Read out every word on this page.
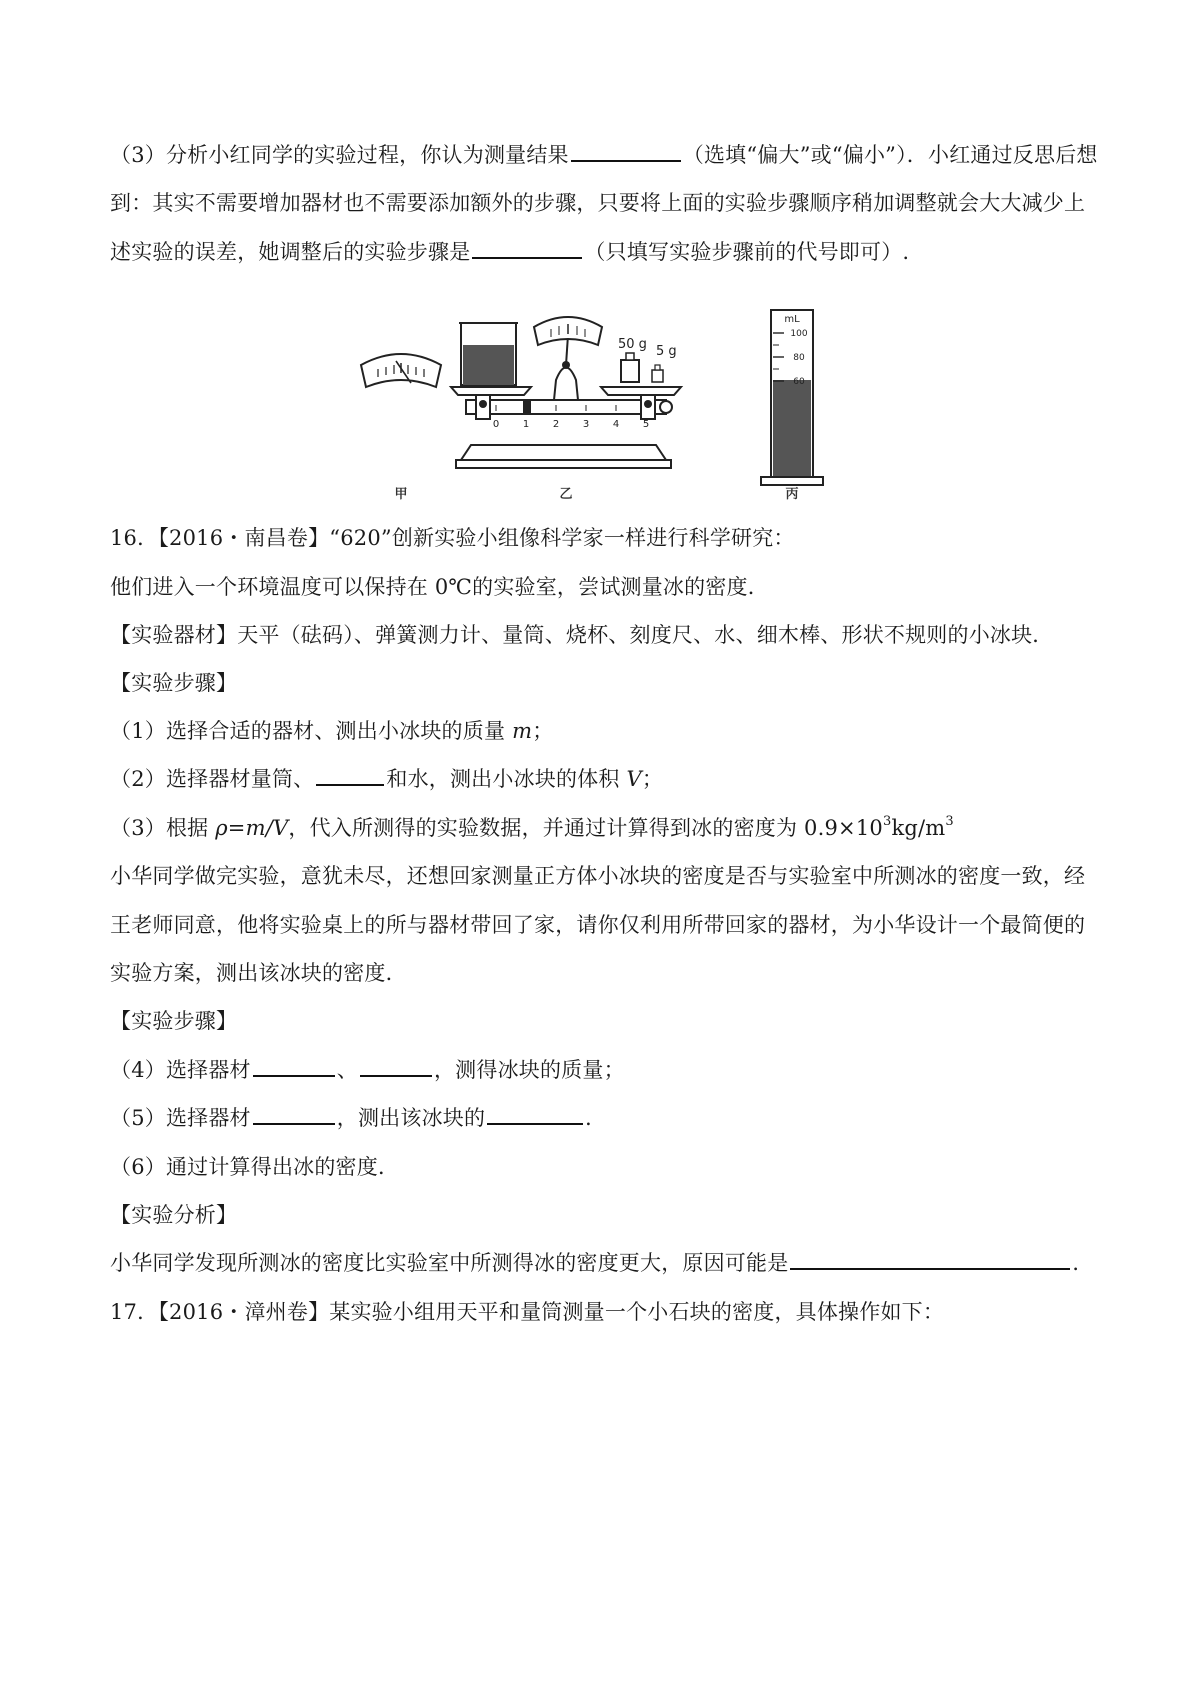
（3）分析小红同学的实验过程，你认为测量结果	（选填“偏大”或“偏小”）．小红通过反思后想
到：其实不需要增加器材也不需要添加额外的步骤，只要将上面的实验步骤顺序稍加调整就会大大减少上
述实验的误差，她调整后的实验步骤是	（只填写实验步骤前的代号即可）.
0 1 2 3 4 5
50 g 5 g
mL
100
80
60
甲	乙	丙
16．【2016・南昌卷】“620”创新实验小组像科学家一样进行科学研究：
他们进入一个环境温度可以保持在 0℃的实验室，尝试测量冰的密度．
【实验器材】天平（砝码）、弹簧测力计、量筒、烧杯、刻度尺、水、细木棒、形状不规则的小冰块．
【实验步骤】
（1）选择合适的器材、测出小冰块的质量 m；
（2）选择器材量筒、	和水，测出小冰块的体积 V；
（3）根据 ρ=m/V，代入所测得的实验数据，并通过计算得到冰的密度为 $0.9\times 10^3kg/m^3$
小华同学做完实验，意犹未尽，还想回家测量正方体小冰块的密度是否与实验室中所测冰的密度一致，经
王老师同意，他将实验桌上的所与器材带回了家，请你仅利用所带回家的器材，为小华设计一个最简便的
实验方案，测出该冰块的密度．
【实验步骤】
（4）选择器材	、	，测得冰块的质量；
（5）选择器材	，测出该冰块的	．
（6）通过计算得出冰的密度．
【实验分析】
小华同学发现所测冰的密度比实验室中所测得冰的密度更大，原因可能是	．
17．【2016・漳州卷】某实验小组用天平和量筒测量一个小石块的密度，具体操作如下：
